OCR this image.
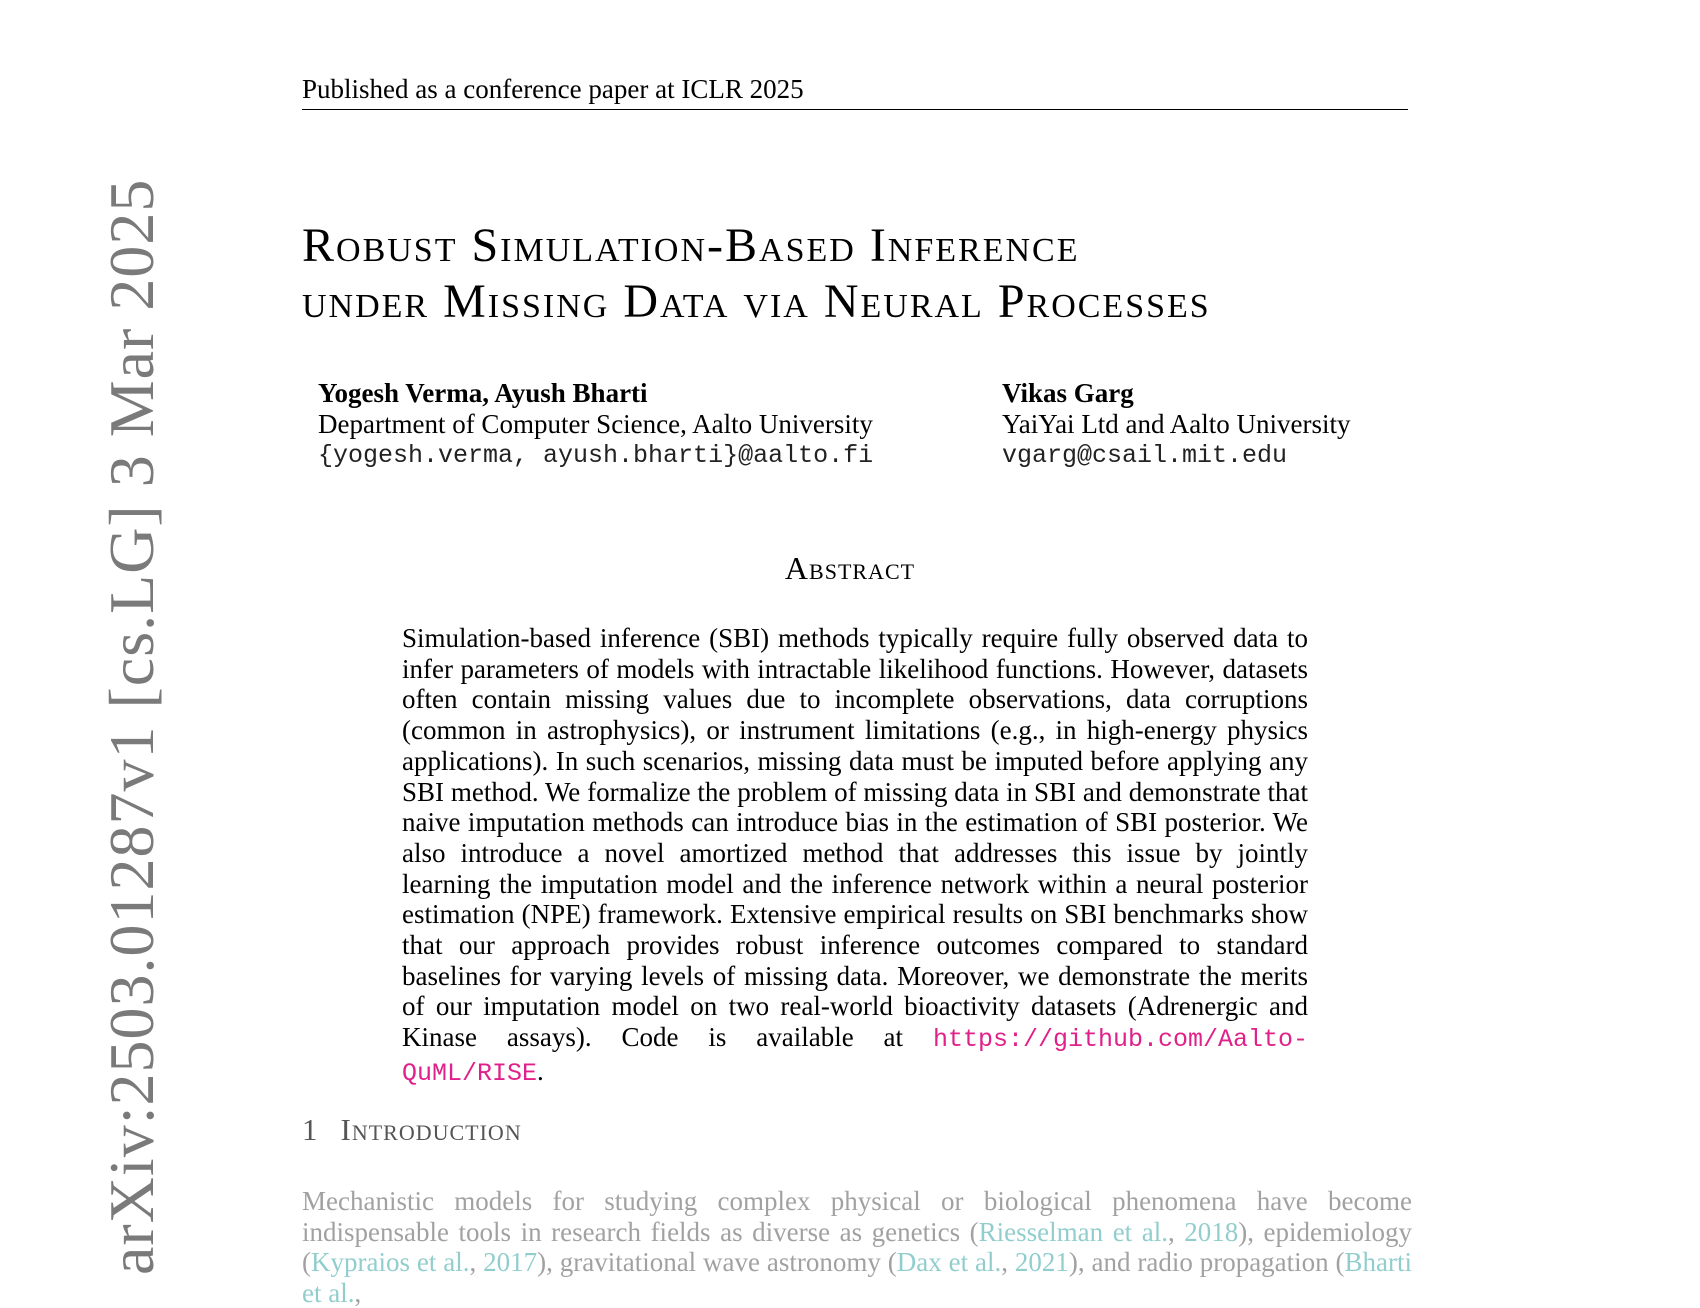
Published as a conference paper at ICLR 2025
Robust Simulation-Based Inference
under Missing Data via Neural Processes
Yogesh Verma, Ayush Bharti
Department of Computer Science, Aalto University
{yogesh.verma, ayush.bharti}@aalto.fi
Vikas Garg
YaiYai Ltd and Aalto University
vgarg@csail.mit.edu
Abstract
Simulation-based inference (SBI) methods typically require fully observed data to infer parameters of models with intractable likelihood functions. However, datasets often contain missing values due to incomplete observations, data corruptions (common in astrophysics), or instrument limitations (e.g., in high-energy physics applications). In such scenarios, missing data must be imputed before applying any SBI method. We formalize the problem of missing data in SBI and demonstrate that naive imputation methods can introduce bias in the estimation of SBI posterior. We also introduce a novel amortized method that addresses this issue by jointly learning the imputation model and the inference network within a neural posterior estimation (NPE) framework. Extensive empirical results on SBI benchmarks show that our approach provides robust inference outcomes compared to standard baselines for varying levels of missing data. Moreover, we demonstrate the merits of our imputation model on two real-world bioactivity datasets (Adrenergic and Kinase assays). Code is available at https://github.com/Aalto-QuML/RISE.
1 Introduction
Mechanistic models for studying complex physical or biological phenomena have become indispensable tools in research fields as diverse as genetics (Riesselman et al., 2018), epidemiology (Kypraios et al., 2017), gravitational wave astronomy (Dax et al., 2021), and radio propagation (Bharti et al.,
arXiv:2503.01287v1 [cs.LG] 3 Mar 2025
